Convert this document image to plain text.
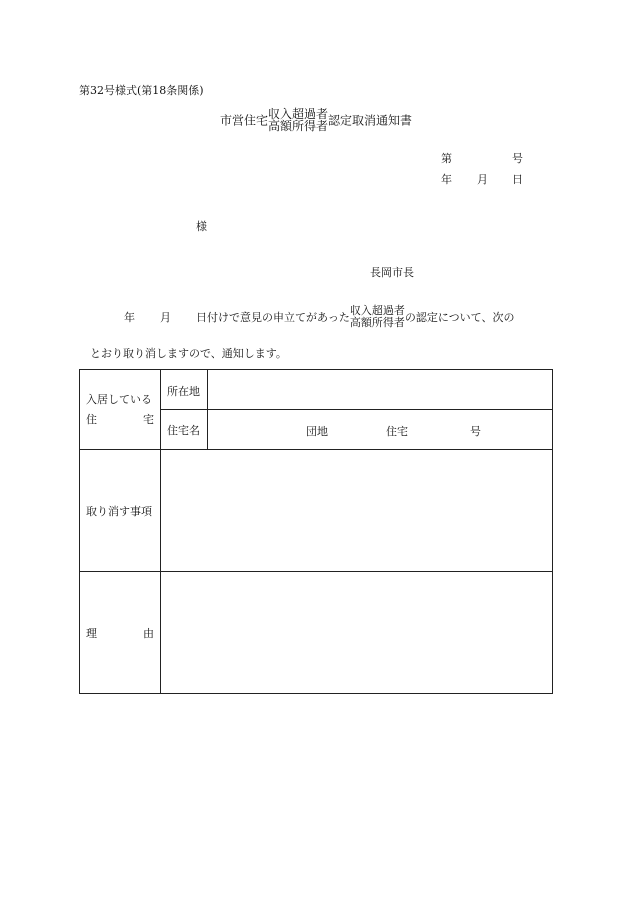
第32号様式(第18条関係)
市営住宅 収入超過者
高額所得者 認定取消通知書
第	号
年 月 日
様
長岡市長
年 月 日付けで意見の申立てがあった
収入超過者
高額所得者 の認定について、次の
とおり取り消しますので、通知します。
入居している
住 宅	所在地	
	住宅名	団地 住宅 号

取り消す事項		

理 由		
